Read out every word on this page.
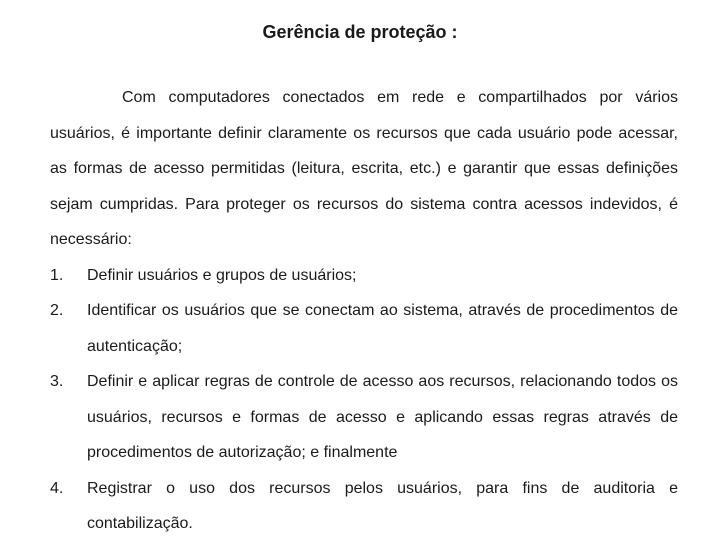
Gerência de proteção :

Com computadores conectados em rede e compartilhados por vários usuários, é importante definir claramente os recursos que cada usuário pode acessar, as formas de acesso permitidas (leitura, escrita, etc.) e garantir que essas definições sejam cumpridas. Para proteger os recursos do sistema contra acessos indevidos, é necessário:

1.	Definir usuários e grupos de usuários;
2.	Identificar os usuários que se conectam ao sistema, através de procedimentos de autenticação;
3.	Definir e aplicar regras de controle de acesso aos recursos, relacionando todos os usuários, recursos e formas de acesso e aplicando essas regras através de procedimentos de autorização; e finalmente
4.	Registrar o uso dos recursos pelos usuários, para fins de auditoria e contabilização.
